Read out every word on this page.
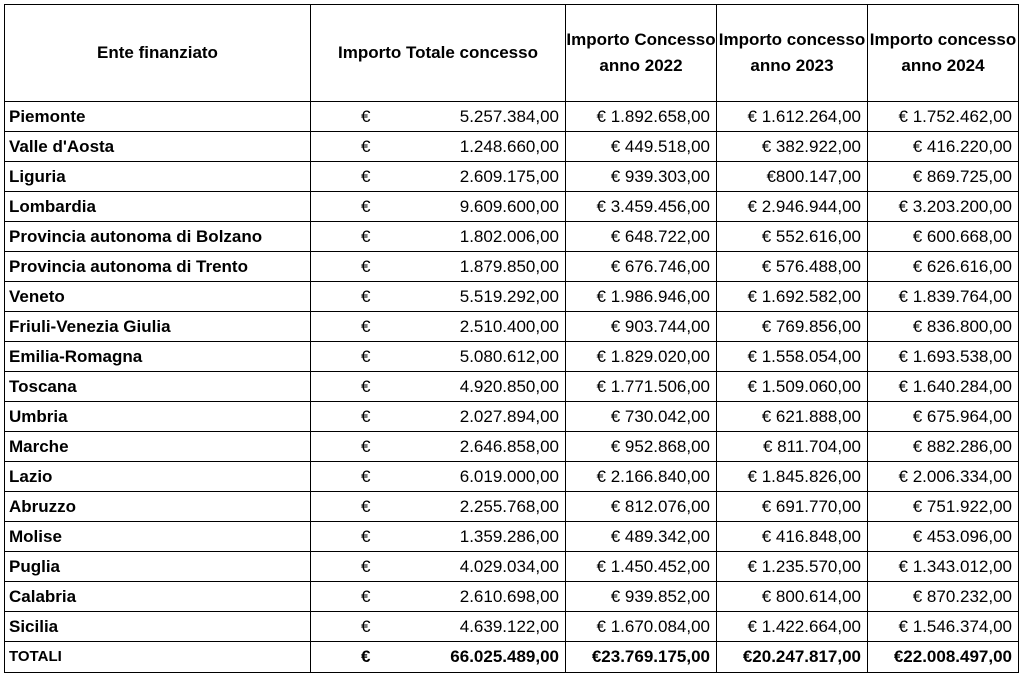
Ente finanziato	Importo Totale concesso	Importo Concesso anno 2022	Importo concesso anno 2023	Importo concesso anno 2024
Piemonte	€ 5.257.384,00	€ 1.892.658,00	€ 1.612.264,00	€ 1.752.462,00
Valle d'Aosta	€ 1.248.660,00	€ 449.518,00	€ 382.922,00	€ 416.220,00
Liguria	€ 2.609.175,00	€ 939.303,00	€800.147,00	€ 869.725,00
Lombardia	€ 9.609.600,00	€ 3.459.456,00	€ 2.946.944,00	€ 3.203.200,00
Provincia autonoma di Bolzano	€ 1.802.006,00	€ 648.722,00	€ 552.616,00	€ 600.668,00
Provincia autonoma di Trento	€ 1.879.850,00	€ 676.746,00	€ 576.488,00	€ 626.616,00
Veneto	€ 5.519.292,00	€ 1.986.946,00	€ 1.692.582,00	€ 1.839.764,00
Friuli-Venezia Giulia	€ 2.510.400,00	€ 903.744,00	€ 769.856,00	€ 836.800,00
Emilia-Romagna	€ 5.080.612,00	€ 1.829.020,00	€ 1.558.054,00	€ 1.693.538,00
Toscana	€ 4.920.850,00	€ 1.771.506,00	€ 1.509.060,00	€ 1.640.284,00
Umbria	€ 2.027.894,00	€ 730.042,00	€ 621.888,00	€ 675.964,00
Marche	€ 2.646.858,00	€ 952.868,00	€ 811.704,00	€ 882.286,00
Lazio	€ 6.019.000,00	€ 2.166.840,00	€ 1.845.826,00	€ 2.006.334,00
Abruzzo	€ 2.255.768,00	€ 812.076,00	€ 691.770,00	€ 751.922,00
Molise	€ 1.359.286,00	€ 489.342,00	€ 416.848,00	€ 453.096,00
Puglia	€ 4.029.034,00	€ 1.450.452,00	€ 1.235.570,00	€ 1.343.012,00
Calabria	€ 2.610.698,00	€ 939.852,00	€ 800.614,00	€ 870.232,00
Sicilia	€ 4.639.122,00	€ 1.670.084,00	€ 1.422.664,00	€ 1.546.374,00
TOTALI	€ 66.025.489,00	€23.769.175,00	€20.247.817,00	€22.008.497,00
